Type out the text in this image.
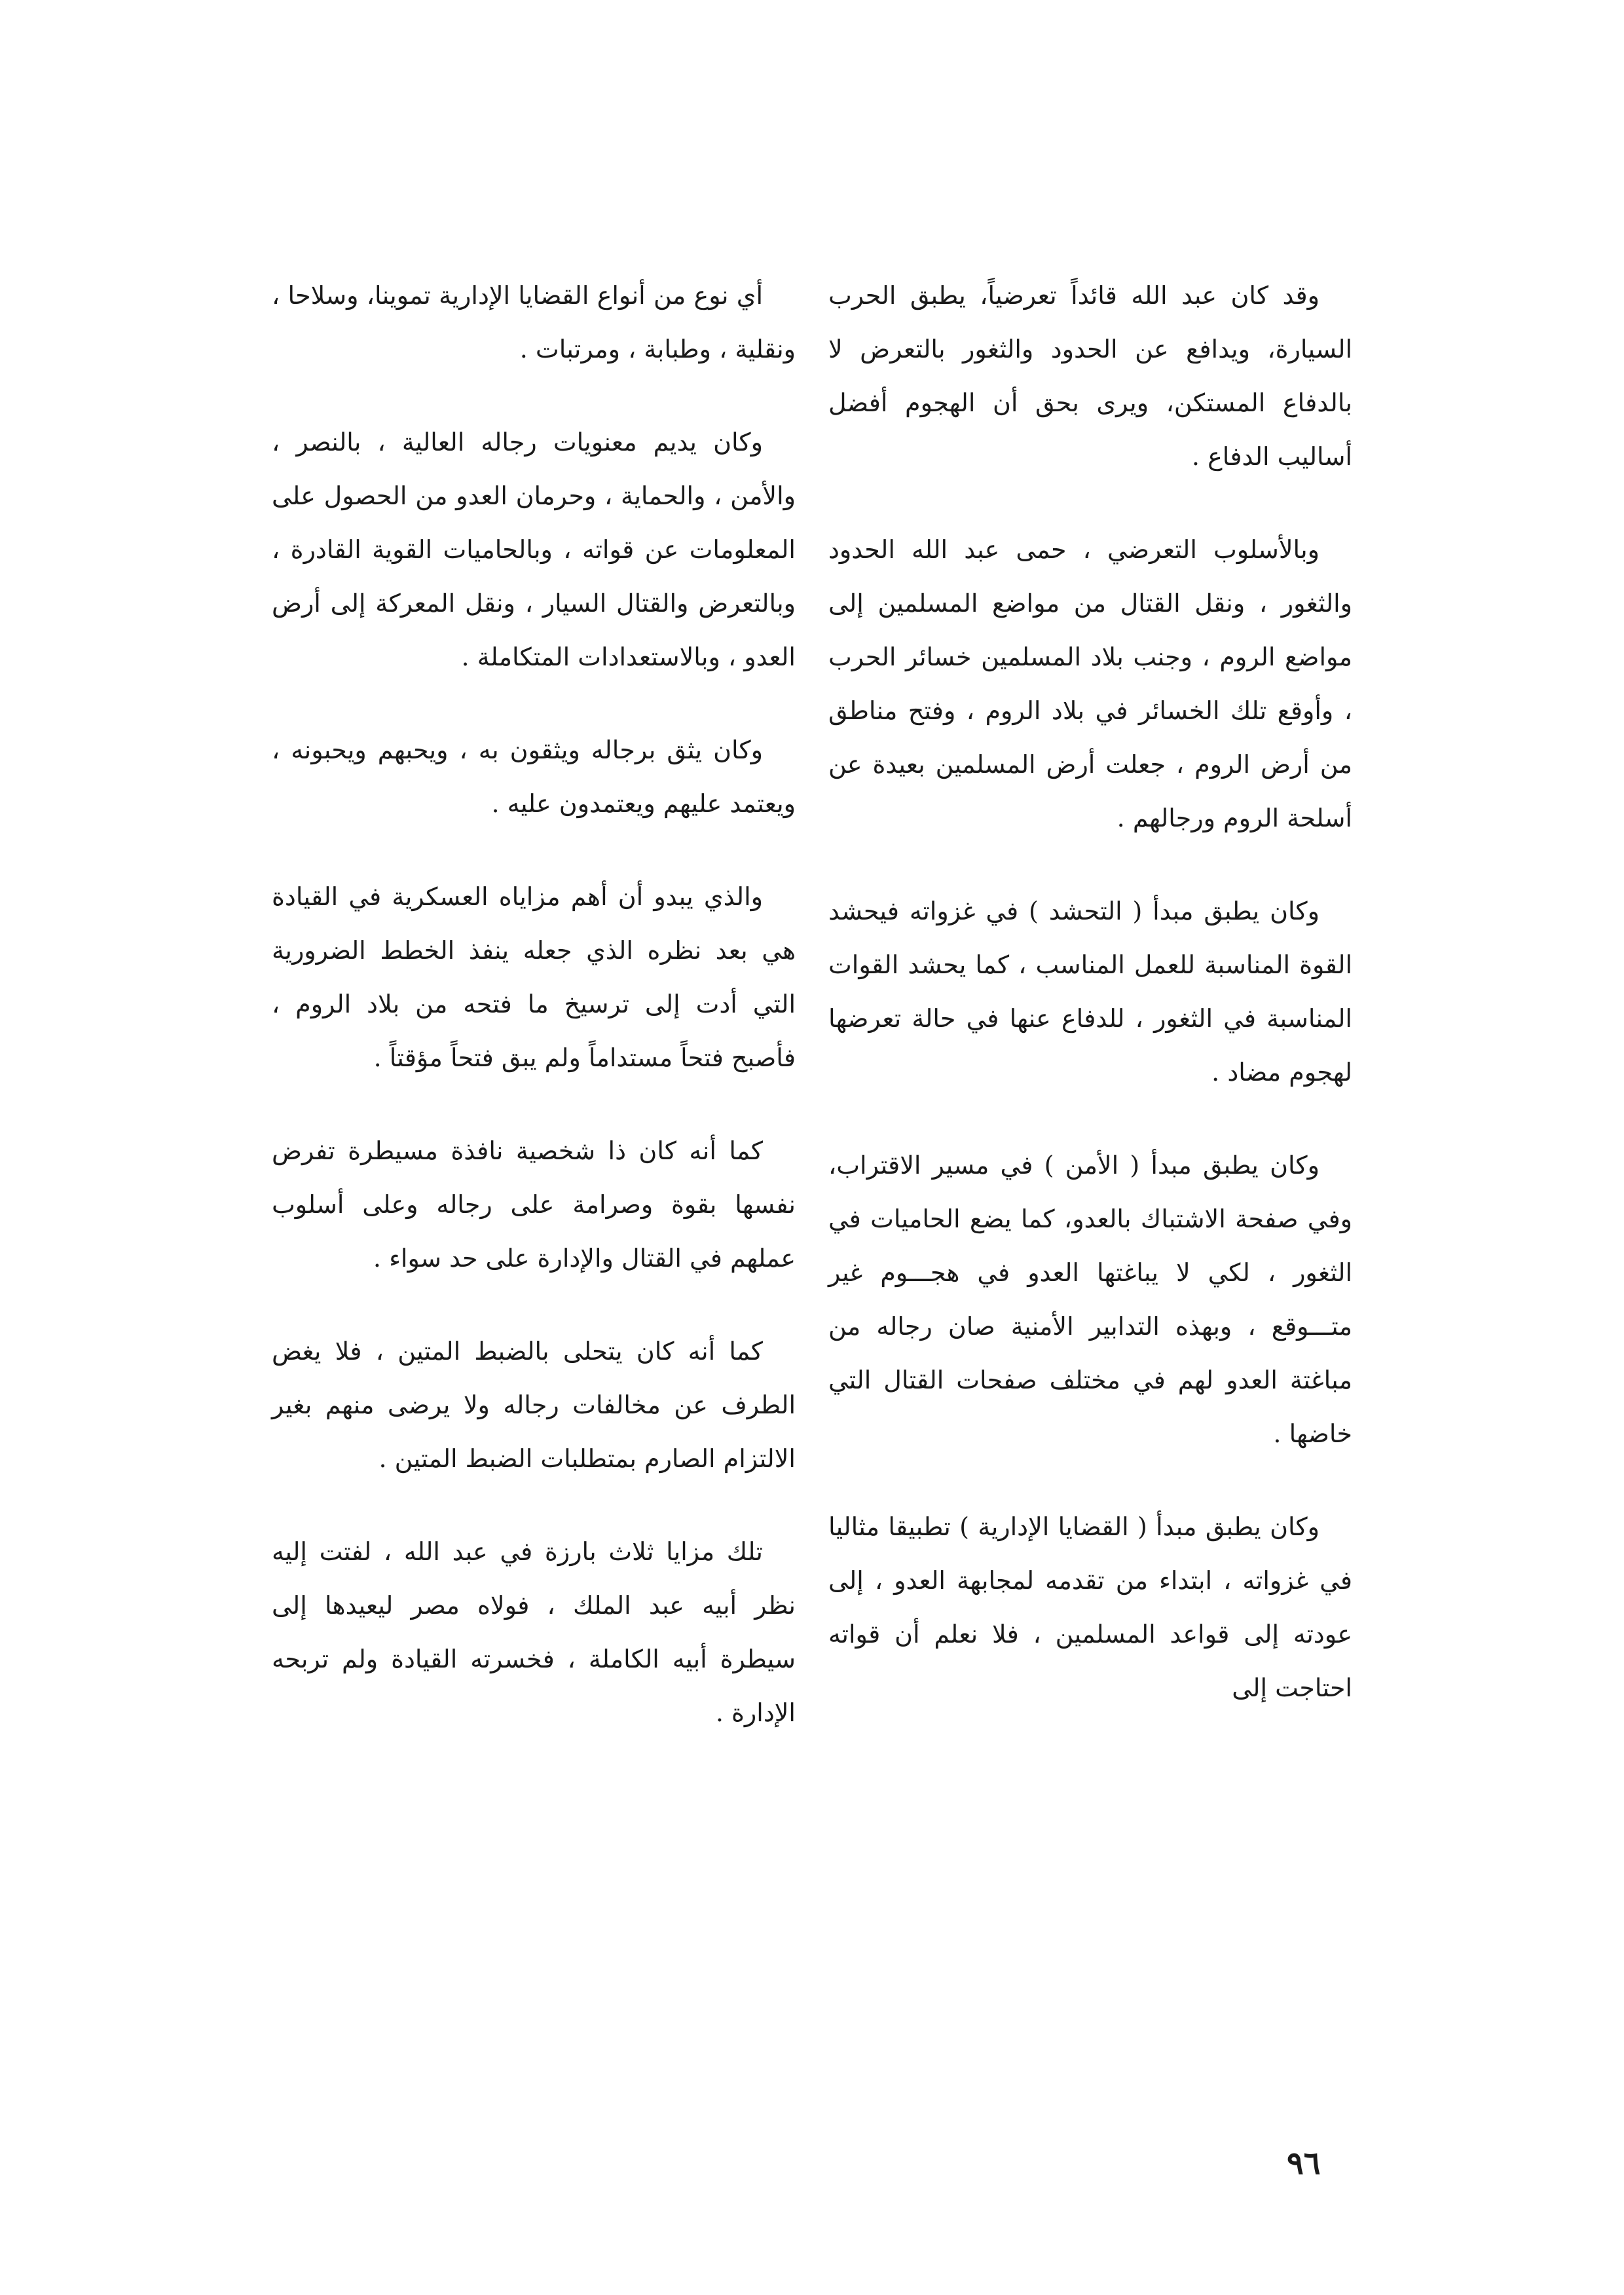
وقد كان عبد الله قائداً تعرضياً، يطبق الحرب السيارة، ويدافع عن الحدود والثغور بالتعرض لا بالدفاع المستكن، ويرى بحق أن الهجوم أفضل أساليب الدفاع .

وبالأسلوب التعرضي ، حمى عبد الله الحدود والثغور ، ونقل القتال من مواضع المسلمين إلى مواضع الروم ، وجنب بلاد المسلمين خسائر الحرب ، وأوقع تلك الخسائر في بلاد الروم ، وفتح مناطق من أرض الروم ، جعلت أرض المسلمين بعيدة عن أسلحة الروم ورجالهم .

وكان يطبق مبدأ ( التحشد ) في غزواته فيحشد القوة المناسبة للعمل المناسب ، كما يحشد القوات المناسبة في الثغور ، للدفاع عنها في حالة تعرضها لهجوم مضاد .

وكان يطبق مبدأ ( الأمن ) في مسير الاقتراب، وفي صفحة الاشتباك بالعدو، كما يضع الحاميات في الثغور ، لكي لا يباغتها العدو في هجـــوم غير متـــوقع ، وبهذه التدابير الأمنية صان رجاله من مباغتة العدو لهم في مختلف صفحات القتال التي خاضها .

وكان يطبق مبدأ ( القضايا الإدارية ) تطبيقا مثاليا في غزواته ، ابتداء من تقدمه لمجابهة العدو ، إلى عودته إلى قواعد المسلمين ، فلا نعلم أن قواته احتاجت إلى

أي نوع من أنواع القضايا الإدارية تموينا، وسلاحا ، ونقلية ، وطبابة ، ومرتبات .

وكان يديم معنويات رجاله العالية ، بالنصر ، والأمن ، والحماية ، وحرمان العدو من الحصول على المعلومات عن قواته ، وبالحاميات القوية القادرة ، وبالتعرض والقتال السيار ، ونقل المعركة إلى أرض العدو ، وبالاستعدادات المتكاملة .

وكان يثق برجاله ويثقون به ، ويحبهم ويحبونه ، ويعتمد عليهم ويعتمدون عليه .

والذي يبدو أن أهم مزاياه العسكرية في القيادة هي بعد نظره الذي جعله ينفذ الخطط الضرورية التي أدت إلى ترسيخ ما فتحه من بلاد الروم ، فأصبح فتحاً مستداماً ولم يبق فتحاً مؤقتاً .

كما أنه كان ذا شخصية نافذة مسيطرة تفرض نفسها بقوة وصرامة على رجاله وعلى أسلوب عملهم في القتال والإدارة على حد سواء .

كما أنه كان يتحلى بالضبط المتين ، فلا يغض الطرف عن مخالفات رجاله ولا يرضى منهم بغير الالتزام الصارم بمتطلبات الضبط المتين .

تلك مزايا ثلاث بارزة في عبد الله ، لفتت إليه نظر أبيه عبد الملك ، فولاه مصر ليعيدها إلى سيطرة أبيه الكاملة ، فخسرته القيادة ولم تربحه الإدارة .

٩٦
